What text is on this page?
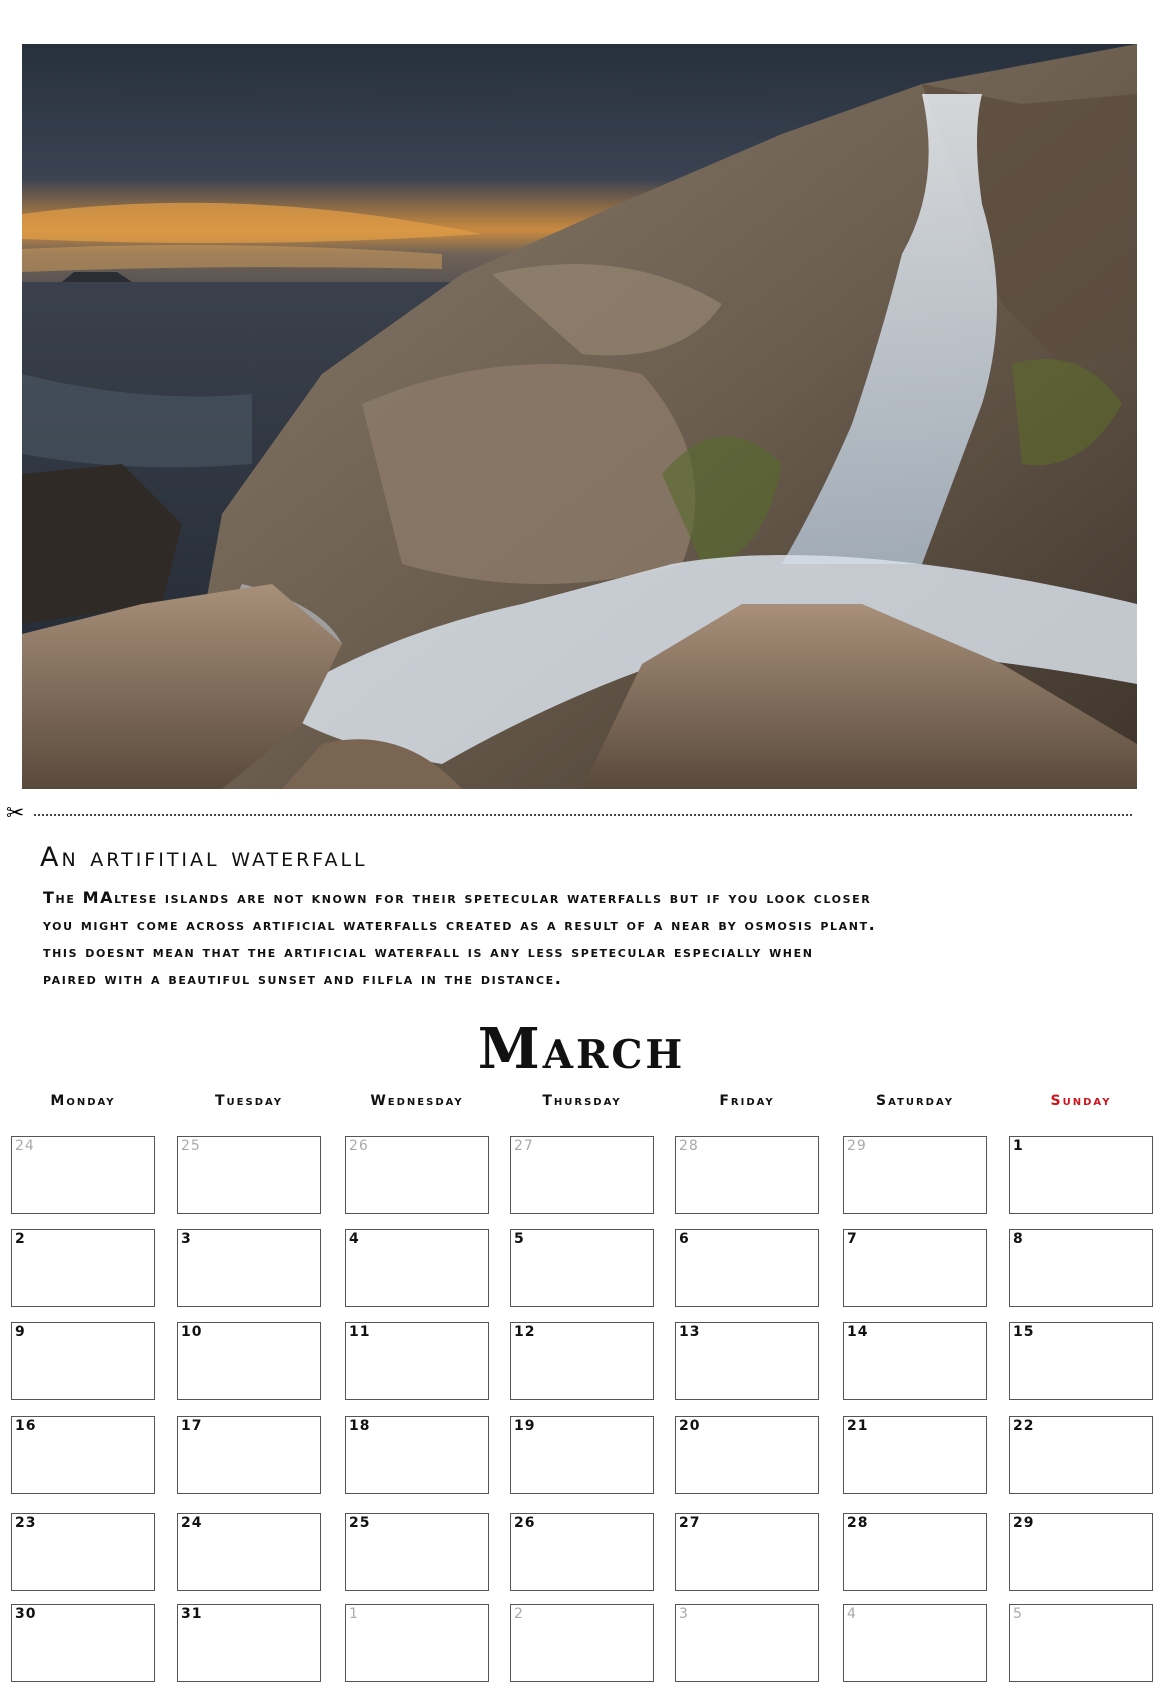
✂
An artifitial waterfall
The MAltese islands are not known for their spetecular waterfalls but if you look closer
you might come across artificial waterfalls created as a result of a near by osmosis plant.
this doesnt mean that the artificial waterfall is any less spetecular especially when
paired with a beautiful sunset and filfla in the distance.
March
Monday	Tuesday	Wednesday	Thursday	Friday	Saturday	Sunday
24	25	26	27	28	29	1
2	3	4	5	6	7	8
9	10	11	12	13	14	15
16	17	18	19	20	21	22
23	24	25	26	27	28	29
30	31	1	2	3	4	5
